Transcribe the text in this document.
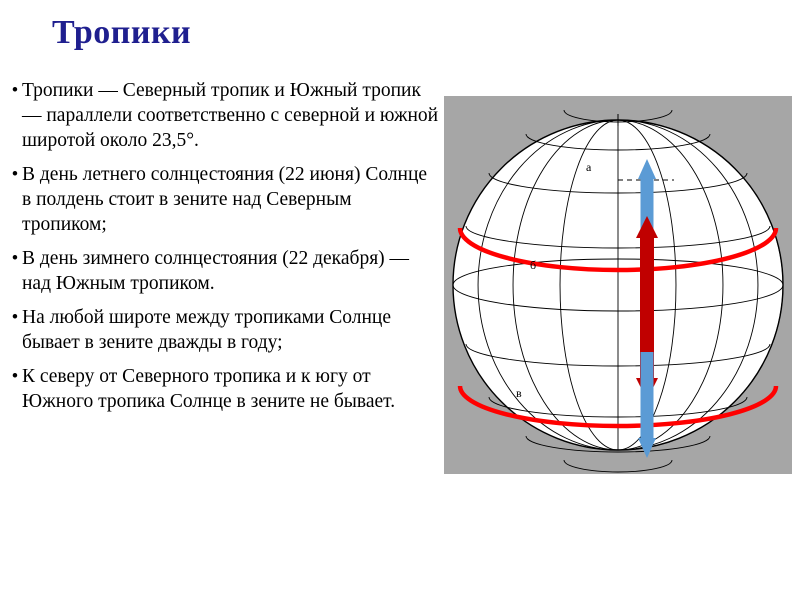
Тропики
• Тропики — Северный тропик и Южный тропик — параллели соответственно с северной и южной широтой около 23,5°.
• В день летнего солнцестояния (22 июня) Солнце в полдень стоит в зените над Северным тропиком;
• В день зимнего солнцестояния (22 декабря) — над Южным тропиком.
• На любой широте между тропиками Солнце бывает в зените дважды в году;
• К северу от Северного тропика и к югу от Южного тропика Солнце в зените не бывает.
а
б
в
